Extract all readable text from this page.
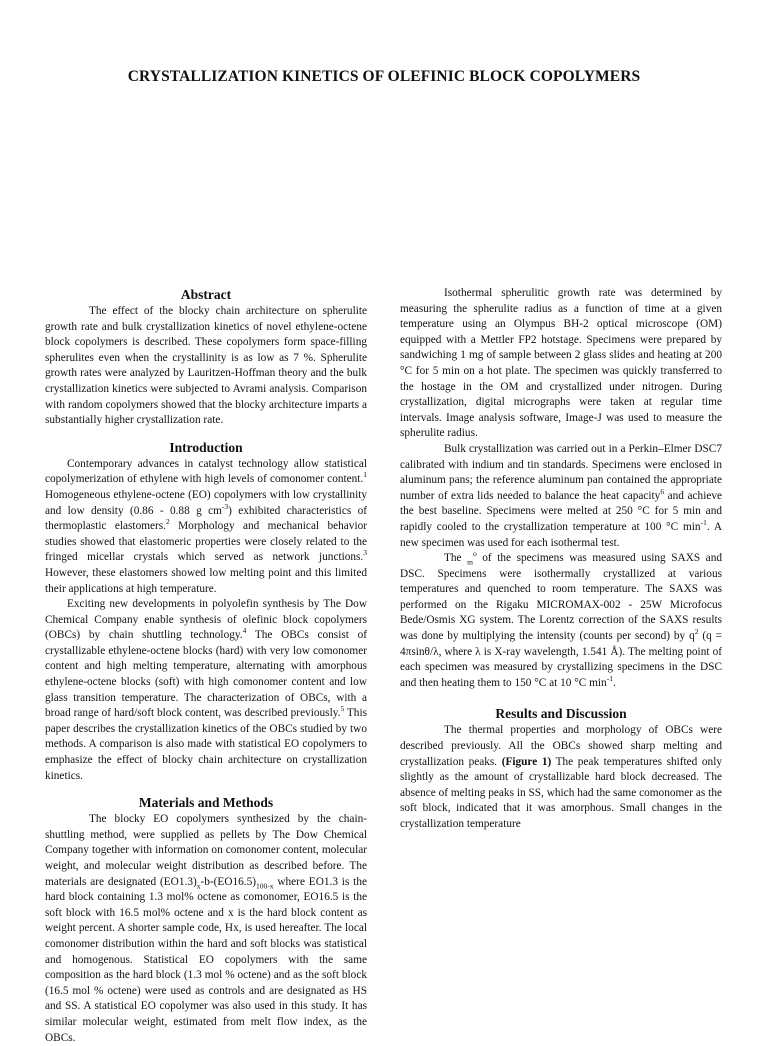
CRYSTALLIZATION KINETICS OF OLEFINIC BLOCK COPOLYMERS
Abstract

The effect of the blocky chain architecture on spherulite growth rate and bulk crystallization kinetics of novel ethylene-octene block copolymers is described. These copolymers form space-filling spherulites even when the crystallinity is as low as 7 %. Spherulite growth rates were analyzed by Lauritzen-Hoffman theory and the bulk crystallization kinetics were subjected to Avrami analysis. Comparison with random copolymers showed that the blocky architecture imparts a substantially higher crystallization rate.

Introduction

Contemporary advances in catalyst technology allow statistical copolymerization of ethylene with high levels of comonomer content.$^1$ Homogeneous ethylene-octene (EO) copolymers with low crystallinity and low density (0.86 - 0.88 g $cm^{-3}$) exhibited characteristics of thermoplastic elastomers.$^2$ Morphology and mechanical behavior studies showed that elastomeric properties were closely related to the fringed micellar crystals which served as network junctions.$^3$ However, these elastomers showed low melting point and this limited their applications at high temperature.

Exciting new developments in polyolefin synthesis by The Dow Chemical Company enable synthesis of olefinic block copolymers (OBCs) by chain shuttling technology.$^4$ The OBCs consist of crystallizable ethylene-octene blocks (hard) with very low comonomer content and high melting temperature, alternating with amorphous ethylene-octene blocks (soft) with high comonomer content and low glass transition temperature. The characterization of OBCs, with a broad range of hard/soft block content, was described previously.$^5$ This paper describes the crystallization kinetics of the OBCs studied by two methods. A comparison is also made with statistical EO copolymers to emphasize the effect of blocky chain architecture on crystallization kinetics.

Materials and Methods

The blocky EO copolymers synthesized by the chain-shuttling method, were supplied as pellets by The Dow Chemical Company together with information on comonomer content, molecular weight, and molecular weight distribution as described before. The materials are designated $(EO1.3)_x-b-(EO16.5)_{100-x}$ where EO1.3 is the hard block containing 1.3 mol% octene as comonomer, EO16.5 is the soft block with 16.5 mol% octene and x is the hard block content as weight percent. A shorter sample code, Hx, is used hereafter. The local comonomer distribution within the hard and soft blocks was statistical and homogenous. Statistical EO copolymers with the same composition as the hard block (1.3 mol % octene) and as the soft block (16.5 mol % octene) were used as controls and are designated as HS and SS. A statistical EO copolymer was also used in this study. It has similar molecular weight, estimated from melt flow index, as the OBCs.

Isothermal spherulitic growth rate was determined by measuring the spherulite radius as a function of time at a given temperature using an Olympus BH-2 optical microscope (OM) equipped with a Mettler FP2 hotstage. Specimens were prepared by sandwiching 1 mg of sample between 2 glass slides and heating at 200 °C for 5 min on a hot plate. The specimen was quickly transferred to the hostage in the OM and crystallized under nitrogen. During crystallization, digital micrographs were taken at regular time intervals. Image analysis software, Image-J was used to measure the spherulite radius.

Bulk crystallization was carried out in a Perkin–Elmer DSC7 calibrated with indium and tin standards. Specimens were enclosed in aluminum pans; the reference aluminum pan contained the appropriate number of extra lids needed to balance the heat capacity$^6$ and achieve the best baseline. Specimens were melted at 250 °C for 5 min and rapidly cooled to the crystallization temperature at 100 °C $\min^{-1}$. A new specimen was used for each isothermal test.

The $_m^o$ of the specimens was measured using SAXS and DSC. Specimens were isothermally crystallized at various temperatures and quenched to room temperature. The SAXS was performed on the Rigaku MICROMAX-002 - 25W Microfocus Bede/Osmis XG system. The Lorentz correction of the SAXS results was done by multiplying the intensity (counts per second) by $q^2$ (q = 4πsinθ/λ, where λ is X-ray wavelength, 1.541 Å). The melting point of each specimen was measured by crystallizing specimens in the DSC and then heating them to 150 °C at 10 °C $\min^{-1}$.

Results and Discussion

The thermal properties and morphology of OBCs were described previously. All the OBCs showed sharp melting and crystallization peaks. (Figure 1) The peak temperatures shifted only slightly as the amount of crystallizable hard block decreased. The absence of melting peaks in SS, which had the same comonomer as the soft block, indicated that it was amorphous. Small changes in the crystallization temperature
